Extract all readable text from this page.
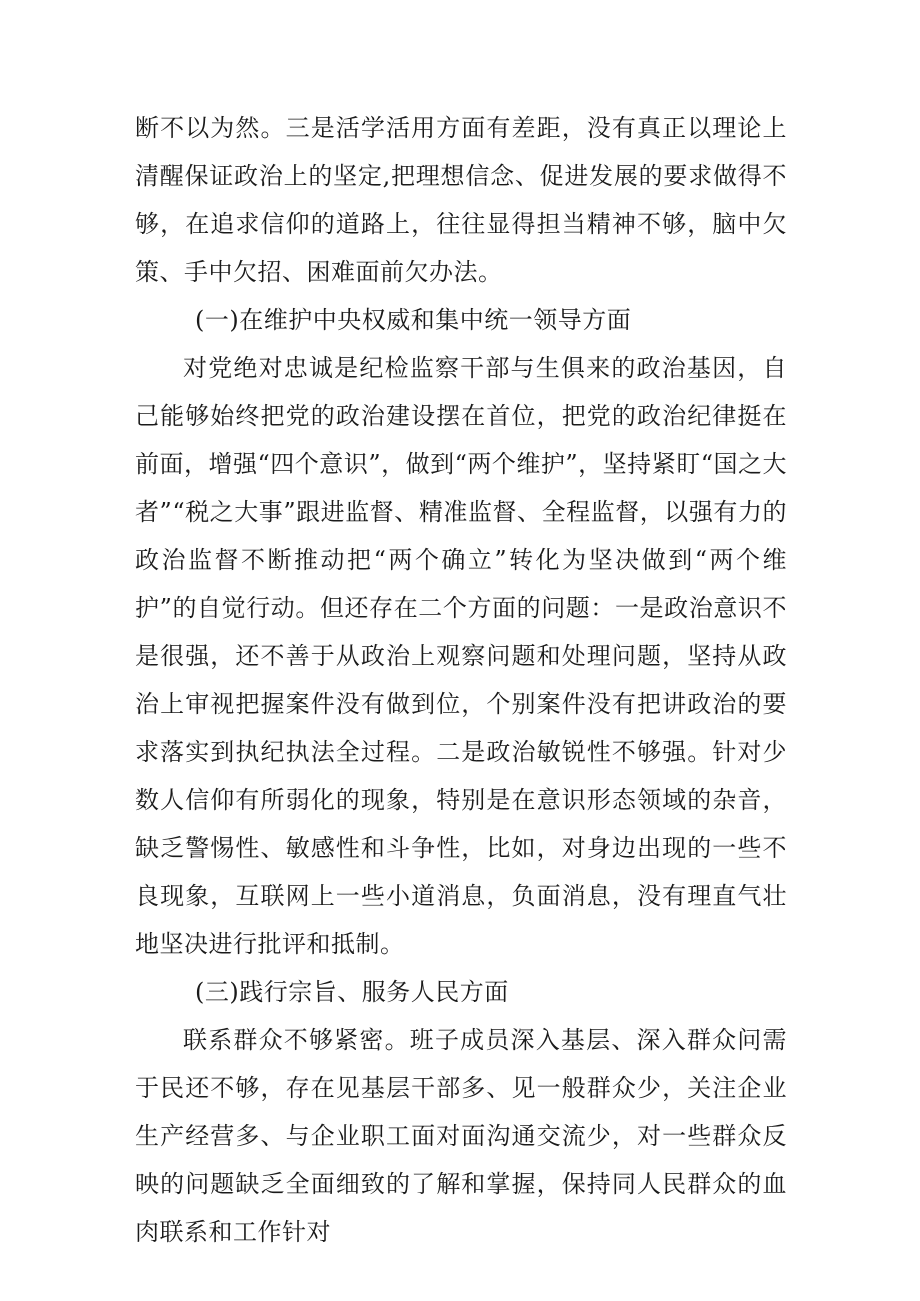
断不以为然。三是活学活用方面有差距，没有真正以理论上清醒保证政治上的坚定,把理想信念、促进发展的要求做得不够，在追求信仰的道路上，往往显得担当精神不够，脑中欠策、手中欠招、困难面前欠办法。

(一)在维护中央权威和集中统一领导方面

对党绝对忠诚是纪检监察干部与生俱来的政治基因，自己能够始终把党的政治建设摆在首位，把党的政治纪律挺在前面，增强“四个意识”，做到“两个维护”，坚持紧盯“国之大者”“税之大事”跟进监督、精准监督、全程监督，以强有力的政治监督不断推动把“两个确立”转化为坚决做到“两个维护”的自觉行动。但还存在二个方面的问题：一是政治意识不是很强，还不善于从政治上观察问题和处理问题，坚持从政治上审视把握案件没有做到位，个别案件没有把讲政治的要求落实到执纪执法全过程。二是政治敏锐性不够强。针对少数人信仰有所弱化的现象，特别是在意识形态领域的杂音，缺乏警惕性、敏感性和斗争性，比如，对身边出现的一些不良现象，互联网上一些小道消息，负面消息，没有理直气壮地坚决进行批评和抵制。

(三)践行宗旨、服务人民方面

联系群众不够紧密。班子成员深入基层、深入群众问需于民还不够，存在见基层干部多、见一般群众少，关注企业生产经营多、与企业职工面对面沟通交流少，对一些群众反映的问题缺乏全面细致的了解和掌握，保持同人民群众的血肉联系和工作针对
